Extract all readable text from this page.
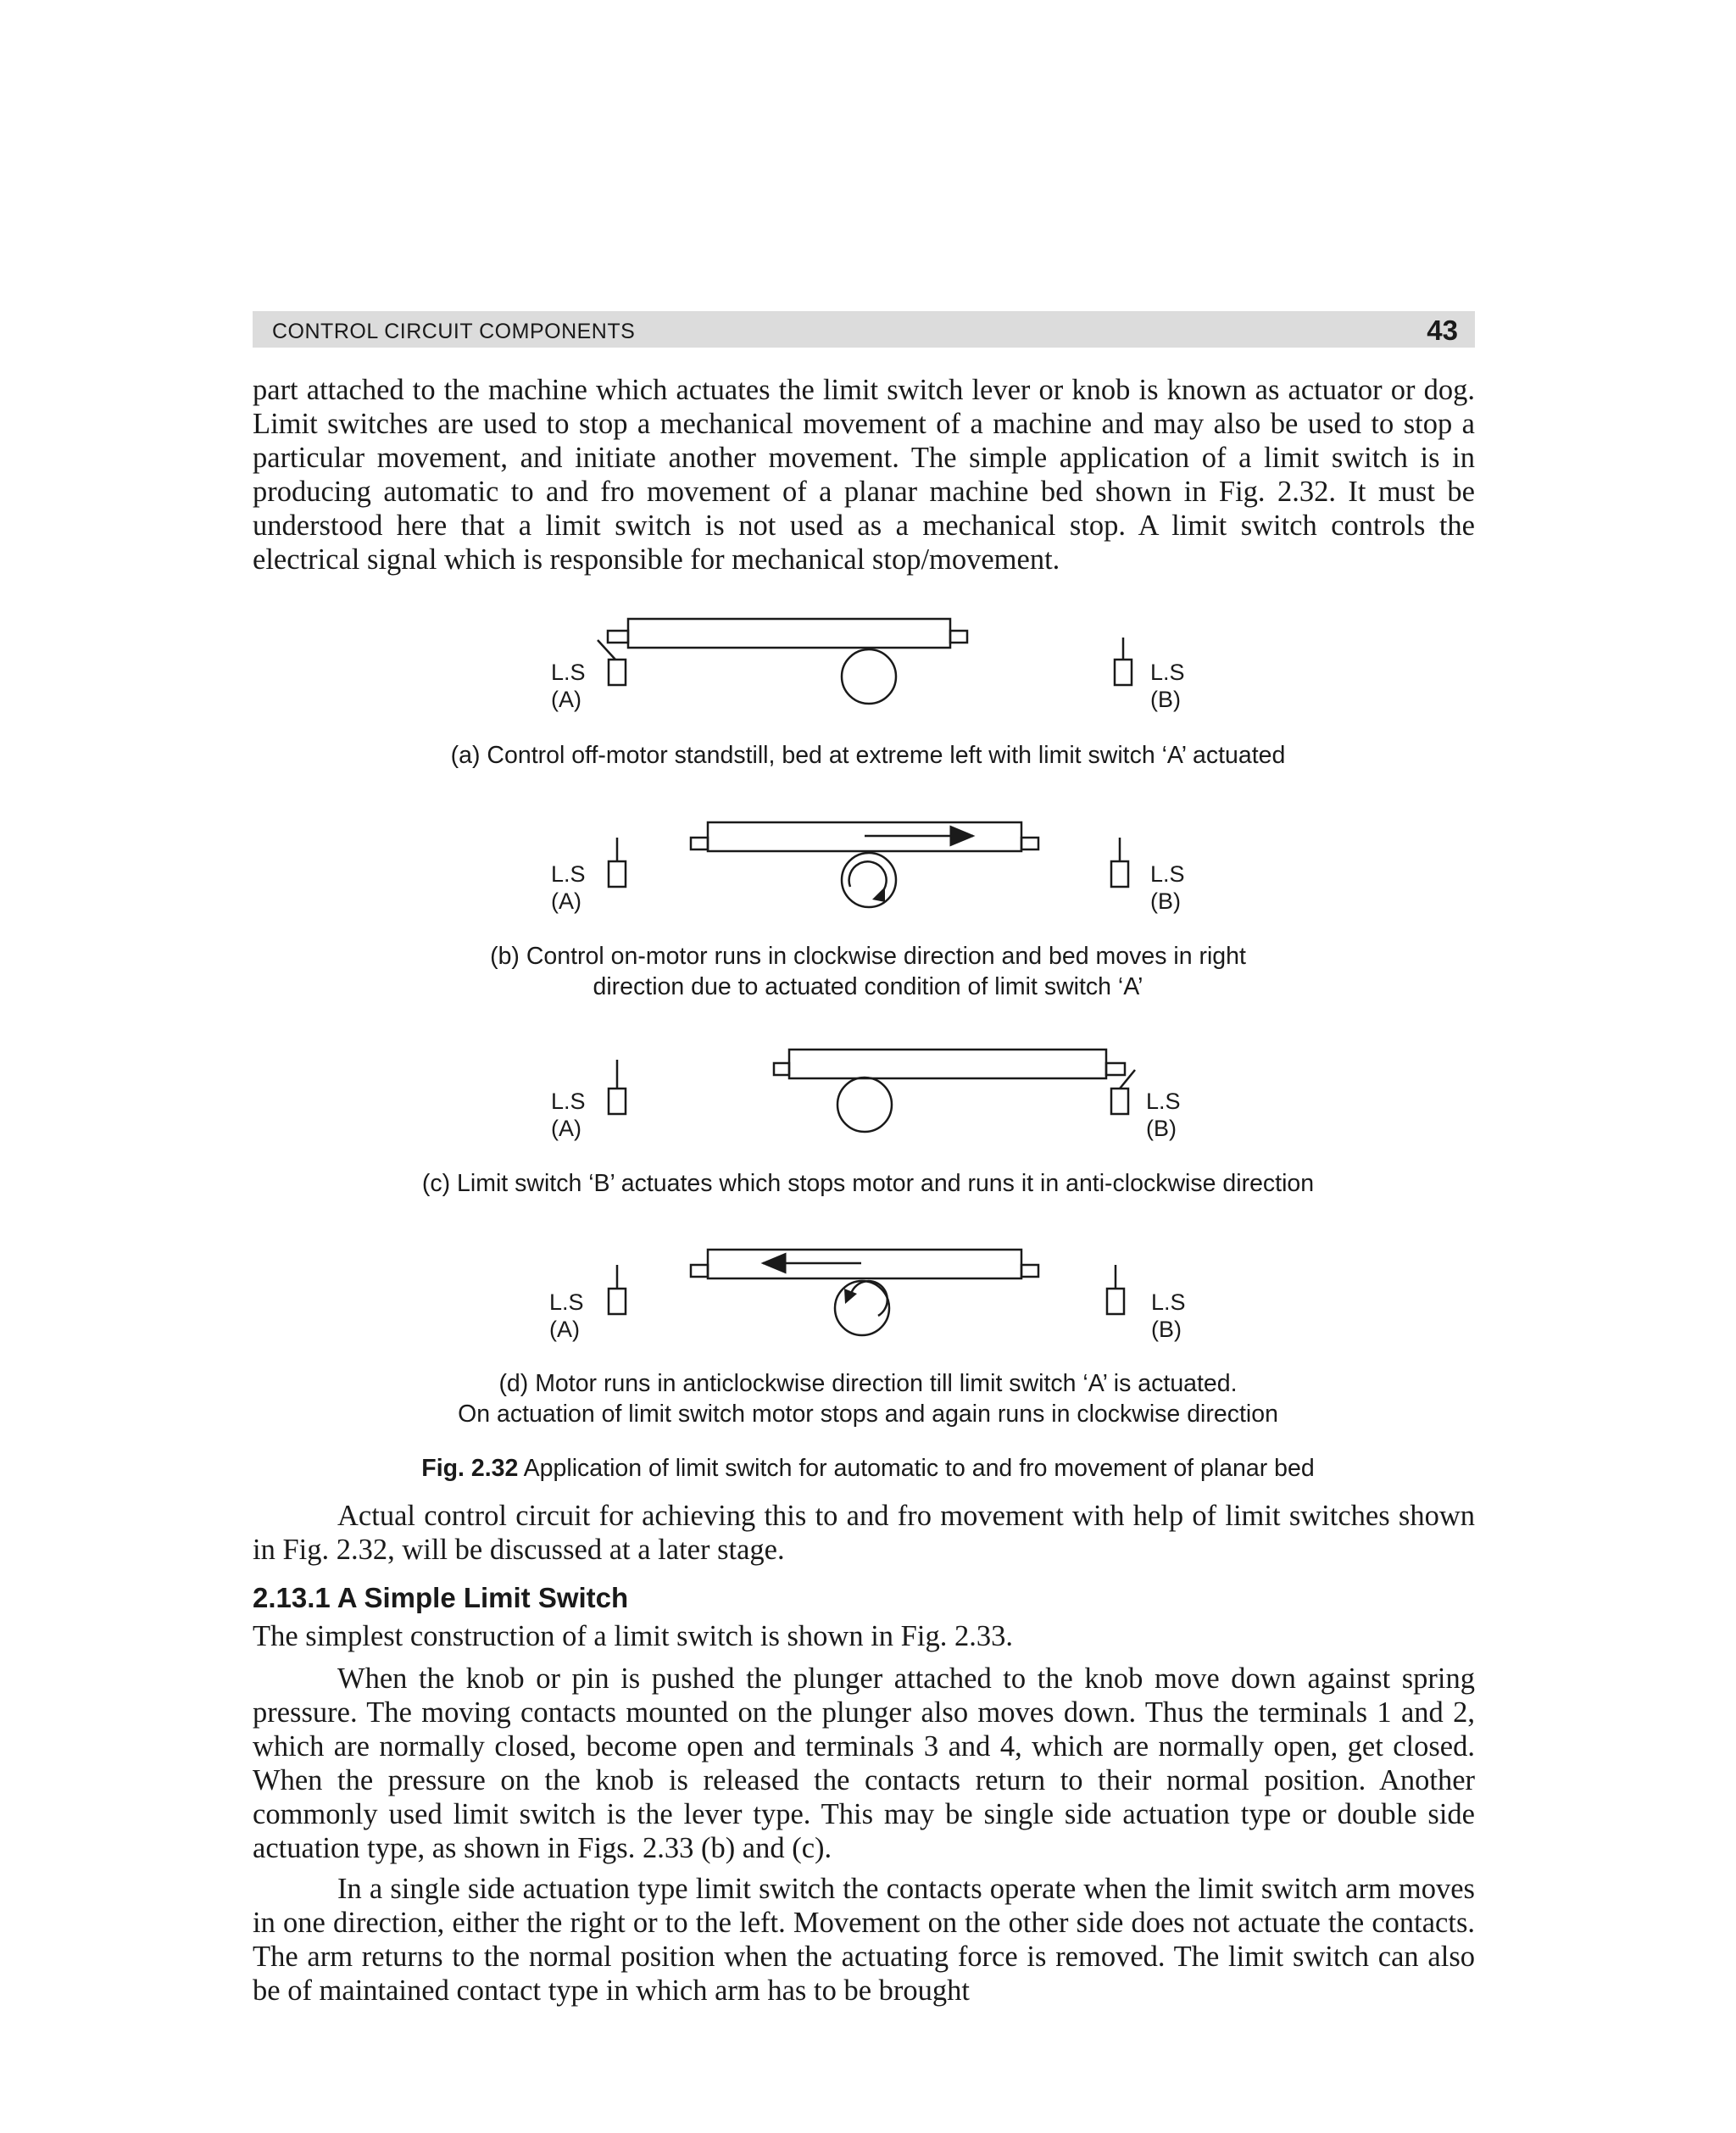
CONTROL CIRCUIT COMPONENTS	43

part attached to the machine which actuates the limit switch lever or knob is known as actuator or dog. Limit switches are used to stop a mechanical movement of a machine and may also be used to stop a particular movement, and initiate another movement. The simple application of a limit switch is in producing automatic to and fro movement of a planar machine bed shown in Fig. 2.32. It must be understood here that a limit switch is not used as a mechanical stop. A limit switch controls the electrical signal which is responsible for mechanical stop/movement.

L.S
(A)
L.S
(B)
L.S
(A)
L.S
(B)
L.S
(A)
L.S
(B)
L.S
(A)
L.S
(B)
(a) Control off-motor standstill, bed at extreme left with limit switch ‘A’ actuated
(b) Control on-motor runs in clockwise direction and bed moves in right
direction due to actuated condition of limit switch ‘A’
(c) Limit switch ‘B’ actuates which stops motor and runs it in anti-clockwise direction
(d) Motor runs in anticlockwise direction till limit switch ‘A’ is actuated.
On actuation of limit switch motor stops and again runs in clockwise direction
Fig. 2.32 Application of limit switch for automatic to and fro movement of planar bed

Actual control circuit for achieving this to and fro movement with help of limit switches shown in Fig. 2.32, will be discussed at a later stage.

2.13.1 A Simple Limit Switch

The simplest construction of a limit switch is shown in Fig. 2.33.

When the knob or pin is pushed the plunger attached to the knob move down against spring pressure. The moving contacts mounted on the plunger also moves down. Thus the terminals 1 and 2, which are normally closed, become open and terminals 3 and 4, which are normally open, get closed. When the pressure on the knob is released the contacts return to their normal position. Another commonly used limit switch is the lever type. This may be single side actuation type or double side actuation type, as shown in Figs. 2.33 (b) and (c).

In a single side actuation type limit switch the contacts operate when the limit switch arm moves in one direction, either the right or to the left. Movement on the other side does not actuate the contacts. The arm returns to the normal position when the actuating force is removed. The limit switch can also be of maintained contact type in which arm has to be brought
